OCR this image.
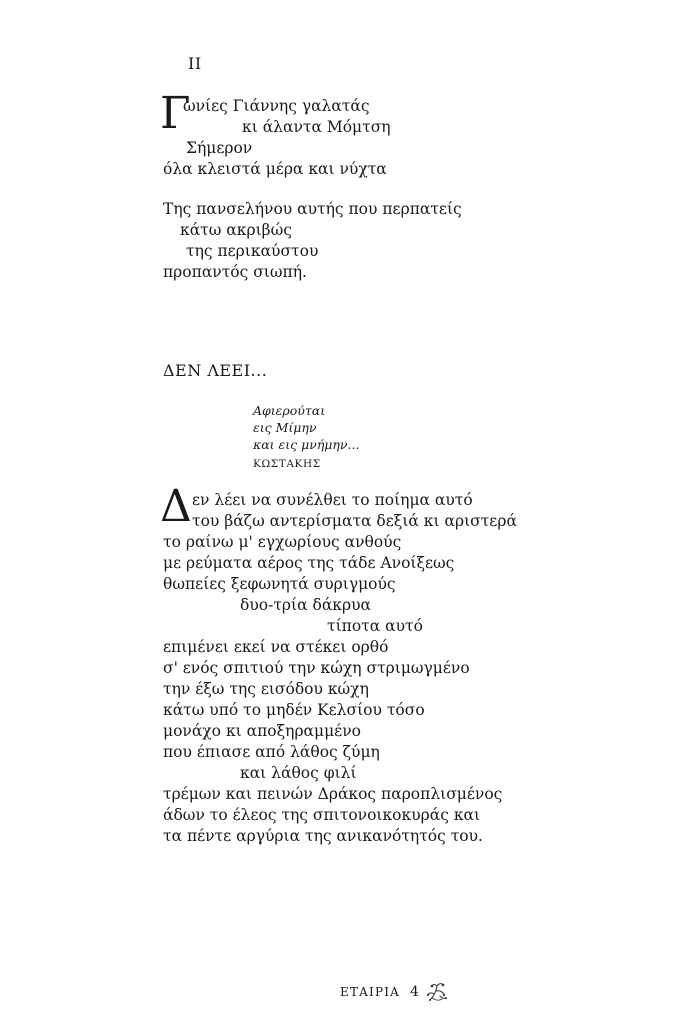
ΙΙ
Γ
ωνίες Γιάννης γαλατάς
κι άλαντα Μόμτση
Σήμερον
όλα κλειστά μέρα και νύχτα
Της πανσελήνου αυτής που περπατείς
κάτω ακριβώς
της περικαύστου
προπαντός σιωπή.
ΔΕΝ ΛΕΕΙ...
Αφιερούται
εις Μίμην
και εις μνήμην...
ΚΩΣΤΑΚΗΣ
Δ εν λέει να συνέλθει το ποίημα αυτό
του βάζω αντερίσματα δεξιά κι αριστερά
το ραίνω μ' εγχωρίους ανθούς
με ρεύματα αέρος της τάδε Ανοίξεως
θωπείες ξεφωνητά συριγμούς
δυο-τρία δάκρυα
τίποτα αυτό
επιμένει εκεί να στέκει ορθό
σ' ενός σπιτιού την κώχη στριμωγμένο
την έξω της εισόδου κώχη
κάτω υπό το μηδέν Κελσίου τόσο
μονάχο κι αποξηραμμένο
που έπιασε από λάθος ζύμη
και λάθος φιλί
τρέμων και πεινών Δράκος παροπλισμένος
άδων το έλεος της σπιτονοικοκυράς και
τα πέντε αργύρια της ανικανότητός του.
ΕΤΑΙΡΙΑ 4
